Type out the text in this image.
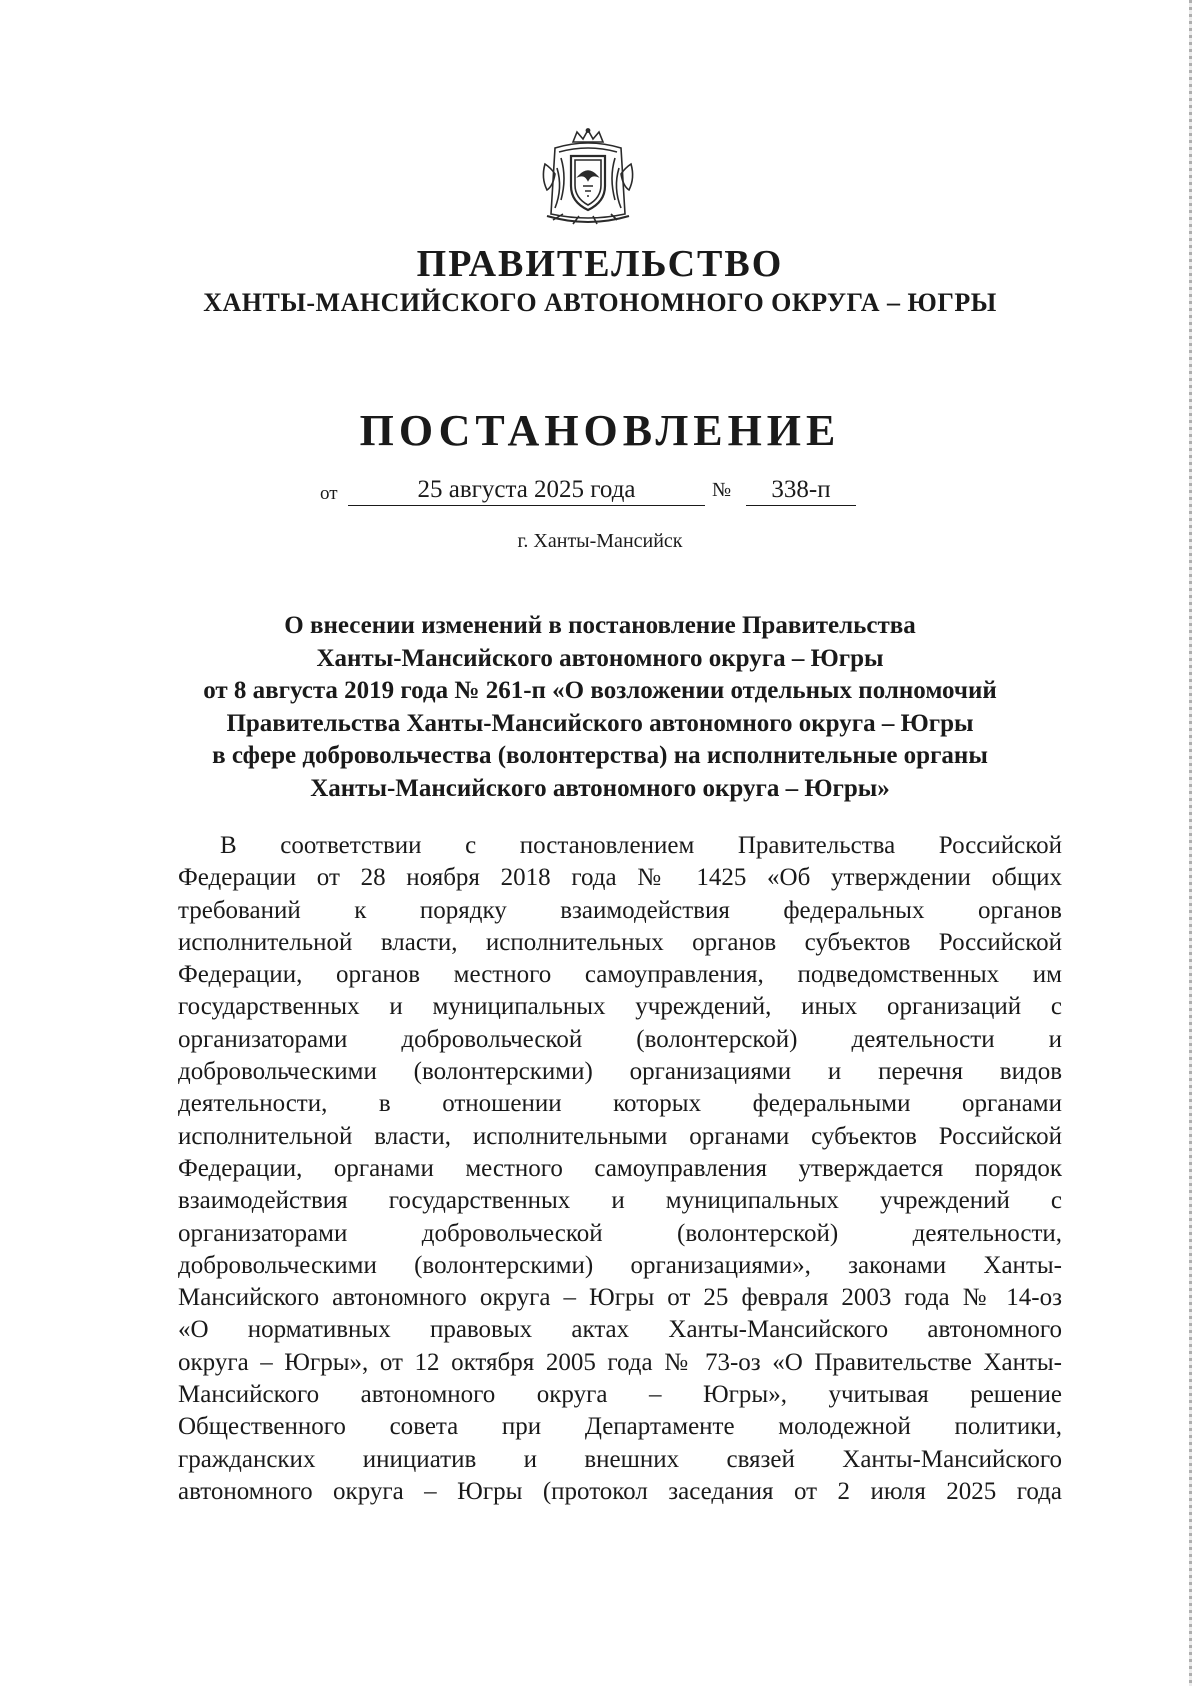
ПРАВИТЕЛЬСТВО
ХАНТЫ-МАНСИЙСКОГО АВТОНОМНОГО ОКРУГА – ЮГРЫ
ПОСТАНОВЛЕНИЕ
от	25 августа 2025 года	№	338-п

г. Ханты-Мансийск

О внесении изменений в постановление Правительства
Ханты-Мансийского автономного округа – Югры
от 8 августа 2019 года № 261-п «О возложении отдельных полномочий
Правительства Ханты-Мансийского автономного округа – Югры
в сфере добровольчества (волонтерства) на исполнительные органы
Ханты-Мансийского автономного округа – Югры»
В соответствии с постановлением Правительства Российской
Федерации от 28 ноября 2018 года № 1425 «Об утверждении общих
требований к порядку взаимодействия федеральных органов
исполнительной власти, исполнительных органов субъектов Российской
Федерации, органов местного самоуправления, подведомственных им
государственных и муниципальных учреждений, иных организаций с
организаторами добровольческой (волонтерской) деятельности и
добровольческими (волонтерскими) организациями и перечня видов
деятельности, в отношении которых федеральными органами
исполнительной власти, исполнительными органами субъектов Российской
Федерации, органами местного самоуправления утверждается порядок
взаимодействия государственных и муниципальных учреждений с
организаторами добровольческой (волонтерской) деятельности,
добровольческими (волонтерскими) организациями», законами Ханты-
Мансийского автономного округа – Югры от 25 февраля 2003 года № 14-оз
«О нормативных правовых актах Ханты-Мансийского автономного
округа – Югры», от 12 октября 2005 года № 73-оз «О Правительстве Ханты-
Мансийского автономного округа – Югры», учитывая решение
Общественного совета при Департаменте молодежной политики,
гражданских инициатив и внешних связей Ханты-Мансийского
автономного округа – Югры (протокол заседания от 2 июля 2025 года
